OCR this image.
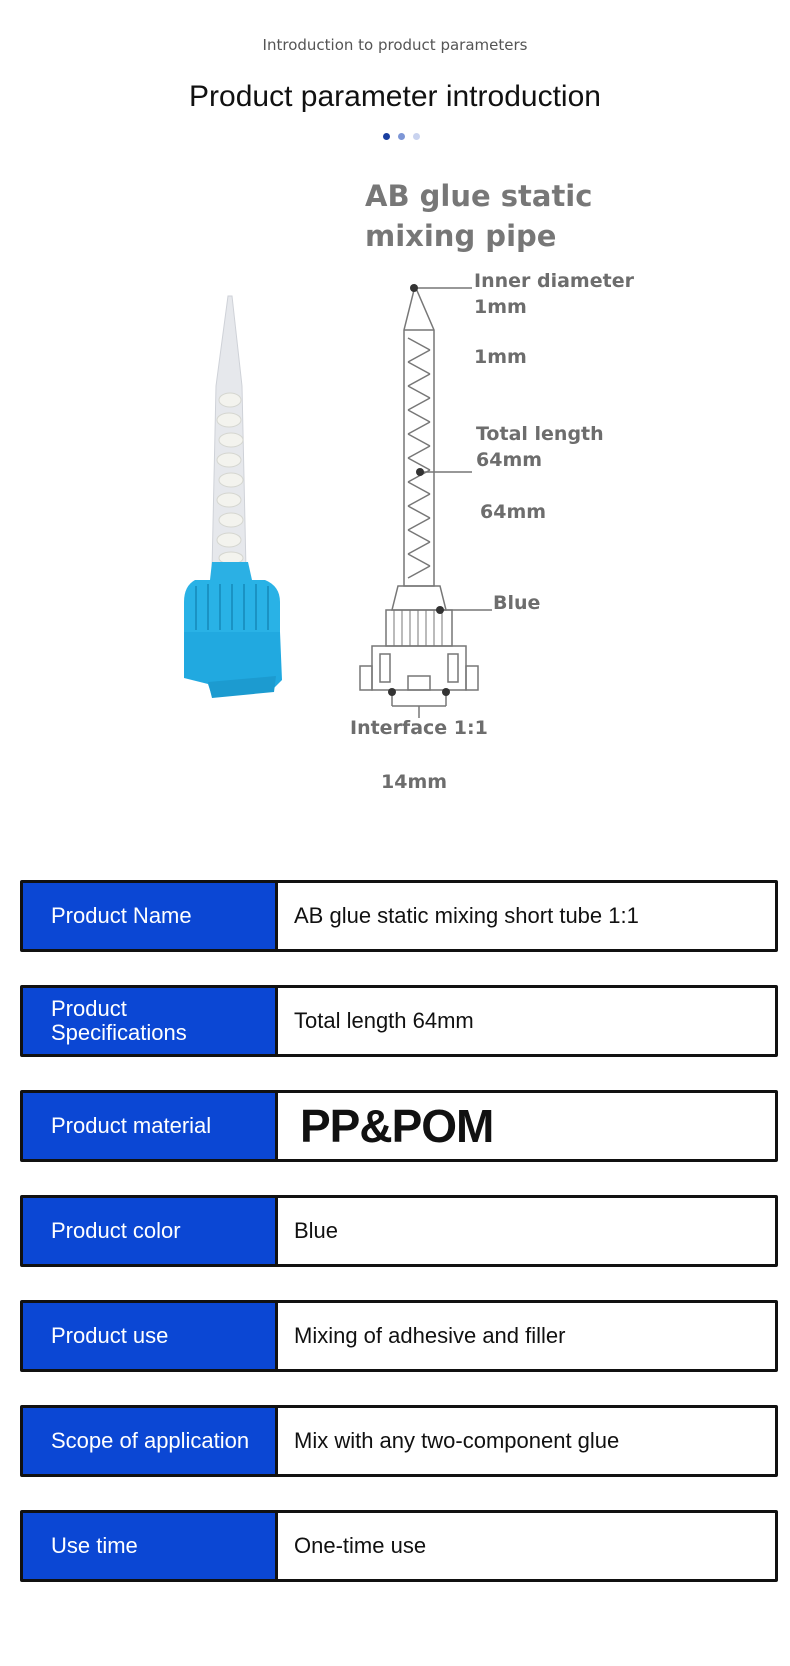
Introduction to product parameters
Product parameter introduction
AB glue static
mixing pipe
Inner diameter
1mm
1mm
Total length
64mm
64mm
Blue
Interface 1:1
14mm
Product Name	AB glue static mixing short tube 1:1
Product Specifications	Total length 64mm
Product material	PP&POM
Product color	Blue
Product use	Mixing of adhesive and filler
Scope of application	Mix with any two-component glue
Use time	One-time use
